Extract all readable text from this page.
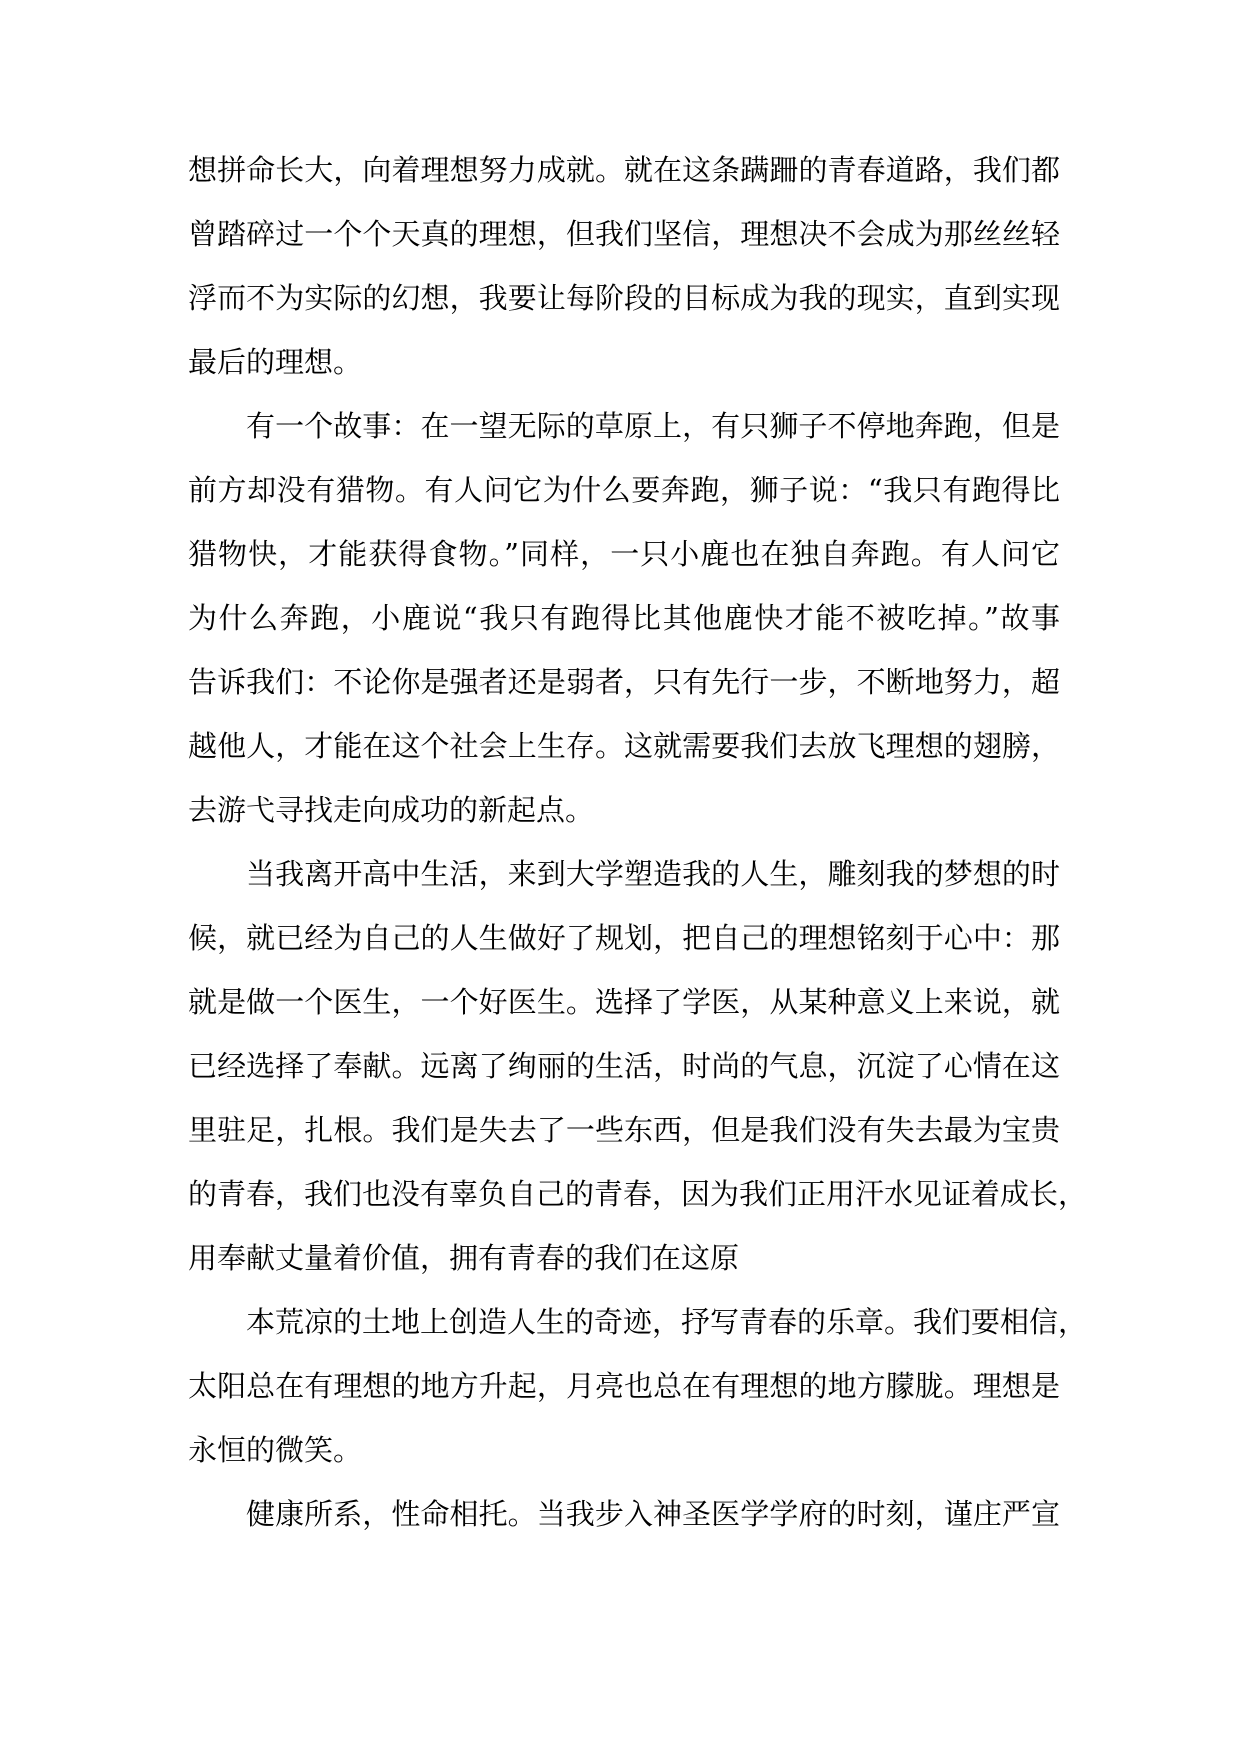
想拼命长大，向着理想努力成就。就在这条蹒跚的青春道路，我们都
曾踏碎过一个个天真的理想，但我们坚信，理想决不会成为那丝丝轻
浮而不为实际的幻想，我要让每阶段的目标成为我的现实，直到实现
最后的理想。
有一个故事：在一望无际的草原上，有只狮子不停地奔跑，但是
前方却没有猎物。有人问它为什么要奔跑，狮子说：“我只有跑得比
猎物快，才能获得食物。”同样，一只小鹿也在独自奔跑。有人问它
为什么奔跑，小鹿说“我只有跑得比其他鹿快才能不被吃掉。”故事
告诉我们：不论你是强者还是弱者，只有先行一步，不断地努力，超
越他人，才能在这个社会上生存。这就需要我们去放飞理想的翅膀，
去游弋寻找走向成功的新起点。
当我离开高中生活，来到大学塑造我的人生，雕刻我的梦想的时
候，就已经为自己的人生做好了规划，把自己的理想铭刻于心中：那
就是做一个医生，一个好医生。选择了学医，从某种意义上来说，就
已经选择了奉献。远离了绚丽的生活，时尚的气息，沉淀了心情在这
里驻足，扎根。我们是失去了一些东西，但是我们没有失去最为宝贵
的青春，我们也没有辜负自己的青春，因为我们正用汗水见证着成长，
用奉献丈量着价值，拥有青春的我们在这原
本荒凉的土地上创造人生的奇迹，抒写青春的乐章。我们要相信，
太阳总在有理想的地方升起，月亮也总在有理想的地方朦胧。理想是
永恒的微笑。
健康所系，性命相托。当我步入神圣医学学府的时刻，谨庄严宣
